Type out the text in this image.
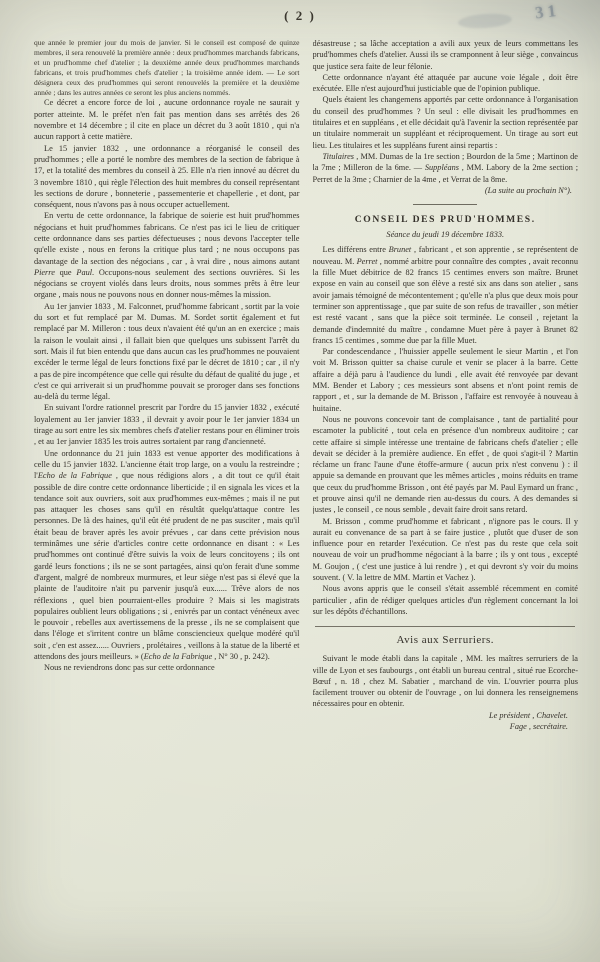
( 2 )	31
que année le premier jour du mois de janvier. Si le conseil est composé de quinze membres, il sera renouvelé la première année : deux prud'hommes marchands fabricans, et un prud'homme chef d'atelier ; la deuxième année deux prud'hommes marchands fabricans, et trois prud'hommes chefs d'atelier ; la troisième année idem. — Le sort désignera ceux des prud'hommes qui seront renouvelés la première et la deuxième année ; dans les autres années ce seront les plus anciens nommés.
Ce décret a encore force de loi , aucune ordonnance royale ne saurait y porter atteinte. M. le préfet n'en fait pas mention dans ses arrêtés des 26 novembre et 14 décembre ; il cite en place un décret du 3 août 1810 , qui n'a aucun rapport à cette matière.
Le 15 janvier 1832 , une ordonnance a réorganisé le conseil des prud'hommes ; elle a porté le nombre des membres de la section de fabrique à 17, et la totalité des membres du conseil à 25. Elle n'a rien innové au décret du 3 novembre 1810 , qui règle l'élection des huit membres du conseil représentant les sections de dorure , bonneterie , passementerie et chapellerie , et dont, par conséquent, nous n'avons pas à nous occuper actuellement.
En vertu de cette ordonnance, la fabrique de soierie est huit prud'hommes négocians et huit prud'hommes fabricans. Ce n'est pas ici le lieu de critiquer cette ordonnance dans ses parties défectueuses ; nous devons l'accepter telle qu'elle existe , nous en ferons la critique plus tard ; ne nous occupons pas davantage de la section des négocians , car , à vrai dire , nous aimons autant Pierre que Paul. Occupons-nous seulement des sections ouvrières. Si les négocians se croyent violés dans leurs droits, nous sommes prêts à être leur organe , mais nous ne pouvons nous en donner nous-mêmes la mission.
Au 1er janvier 1833 , M. Falconnet, prud'homme fabricant , sortit par la voie du sort et fut remplacé par M. Dumas. M. Sordet sortit également et fut remplacé par M. Milleron : tous deux n'avaient été qu'un an en exercice ; mais la raison le voulait ainsi , il fallait bien que quelques uns subissent l'arrêt du sort. Mais il fut bien entendu que dans aucun cas les prud'hommes ne pouvaient excéder le terme légal de leurs fonctions fixé par le décret de 1810 ; car , il n'y a pas de pire incompétence que celle qui résulte du défaut de qualité du juge , et c'est ce qui arriverait si un prud'homme pouvait se proroger dans ses fonctions au-delà du terme légal.
En suivant l'ordre rationnel prescrit par l'ordre du 15 janvier 1832 , exécuté loyalement au 1er janvier 1833 , il devrait y avoir pour le 1er janvier 1834 un tirage au sort entre les six membres chefs d'atelier restans pour en éliminer trois , et au 1er janvier 1835 les trois autres sortaient par rang d'ancienneté.
Une ordonnance du 21 juin 1833 est venue apporter des modifications à celle du 15 janvier 1832. L'ancienne était trop large, on a voulu la restreindre ; l'Echo de la Fabrique , que nous rédigions alors , a dit tout ce qu'il était possible de dire contre cette ordonnance liberticide ; il en signala les vices et la tendance soit aux ouvriers, soit aux prud'hommes eux-mêmes ; mais il ne put pas attaquer les choses sans qu'il en résultât quelqu'attaque contre les personnes. De là des haines, qu'il eût été prudent de ne pas susciter , mais qu'il était beau de braver après les avoir prévues , car dans cette prévision nous terminâmes une série d'articles contre cette ordonnance en disant : « Les prud'hommes ont continué d'être suivis la voix de leurs concitoyens ; ils ont gardé leurs fonctions ; ils ne se sont partagées, ainsi qu'on ferait d'une somme d'argent, malgré de nombreux murmures, et leur siège n'est pas si élevé que la plainte de l'auditoire n'ait pu parvenir jusqu'à eux...... Trêve alors de nos réflexions , quel bien pourraient-elles produire ? Mais si les magistrats populaires oublient leurs obligations ; si , enivrés par un contact vénéneux avec le pouvoir , rebelles aux avertissemens de la presse , ils ne se complaisent que dans l'éloge et s'irritent contre un blâme consciencieux quelque modéré qu'il soit , c'en est assez...... Ouvriers , prolétaires , veillons à la statue de la liberté et attendons des jours meilleurs. » (Echo de la Fabrique , N° 30 , p. 242).
Nous ne reviendrons donc pas sur cette ordonnance
désastreuse ; sa lâche acceptation a avili aux yeux de leurs commettans les prud'hommes chefs d'atelier. Aussi ils se cramponnent à leur siège , convaincus que justice sera faite de leur félonie.
Cette ordonnance n'ayant été attaquée par aucune voie légale , doit être exécutée. Elle n'est aujourd'hui justiciable que de l'opinion publique.
Quels étaient les changemens apportés par cette ordonnance à l'organisation du conseil des prud'hommes ? Un seul : elle divisait les prud'hommes en titulaires et en suppléans , et elle décidait qu'à l'avenir la section représentée par un titulaire nommerait un suppléant et réciproquement. Un tirage au sort eut lieu. Les titulaires et les suppléans furent ainsi repartis :
Titulaires , MM. Dumas de la 1re section ; Bourdon de la 5me ; Martinon de la 7me ; Milleron de la 6me. — Suppléans , MM. Labory de la 2me section ; Perret de la 3me ; Charnier de la 4me , et Verrat de la 8me.
(La suite au prochain N°).
CONSEIL DES PRUD'HOMMES.
Séance du jeudi 19 décembre 1833.
Les différens entre Brunet , fabricant , et son apprentie , se représentent de nouveau. M. Perret , nommé arbitre pour connaître des comptes , avait reconnu la fille Muet débitrice de 82 francs 15 centimes envers son maître. Brunet expose en vain au conseil que son élève a resté six ans dans son atelier , sans avoir jamais témoigné de mécontentement ; qu'elle n'a plus que deux mois pour terminer son apprentissage , que par suite de son refus de travailler , son métier est resté vacant , sans que la pièce soit terminée. Le conseil , rejetant la demande d'indemnité du maître , condamne Muet père à payer à Brunet 82 francs 15 centimes , somme due par la fille Muet.
Par condescendance , l'huissier appelle seulement le sieur Martin , et l'on voit M. Brisson quitter sa chaise curule et venir se placer à la barre. Cette affaire a déjà paru à l'audience du lundi , elle avait été renvoyée par devant MM. Bender et Labory ; ces messieurs sont absens et n'ont point remis de rapport , et , sur la demande de M. Brisson , l'affaire est renvoyée à nouveau à huitaine.
Nous ne pouvons concevoir tant de complaisance , tant de partialité pour escamoter la publicité , tout cela en présence d'un nombreux auditoire ; car cette affaire si simple intéresse une trentaine de fabricans chefs d'atelier ; elle devait se décider à la première audience. En effet , de quoi s'agit-il ? Martin réclame un franc l'aune d'une étoffe-armure ( aucun prix n'est convenu ) : il appuie sa demande en prouvant que les mêmes articles , moins réduits en trame que ceux du prud'homme Brisson , ont été payés par M. Paul Eymard un franc , et prouve ainsi qu'il ne demande rien au-dessus du cours. A des demandes si justes , le conseil , ce nous semble , devait faire droit sans retard.
M. Brisson , comme prud'homme et fabricant , n'ignore pas le cours. Il y aurait eu convenance de sa part à se faire justice , plutôt que d'user de son influence pour en retarder l'exécution. Ce n'est pas du reste que cela soit nouveau de voir un prud'homme négociant à la barre ; ils y ont tous , excepté M. Goujon , ( c'est une justice à lui rendre ) , et qui devront s'y voir du moins souvent. ( V. la lettre de MM. Martin et Vachez ).
Nous avons appris que le conseil s'était assemblé récemment en comité particulier , afin de rédiger quelques articles d'un règlement concernant la loi sur les dépôts d'échantillons.
Avis aux Serruriers.
Suivant le mode établi dans la capitale , MM. les maîtres serruriers de la ville de Lyon et ses faubourgs , ont établi un bureau central , situé rue Ecorche-Bœuf , n. 18 , chez M. Sabatier , marchand de vin. L'ouvrier pourra plus facilement trouver ou obtenir de l'ouvrage , on lui donnera les renseignemens nécessaires pour en obtenir.
Le président , Chavelet.
Fage , secrétaire.
